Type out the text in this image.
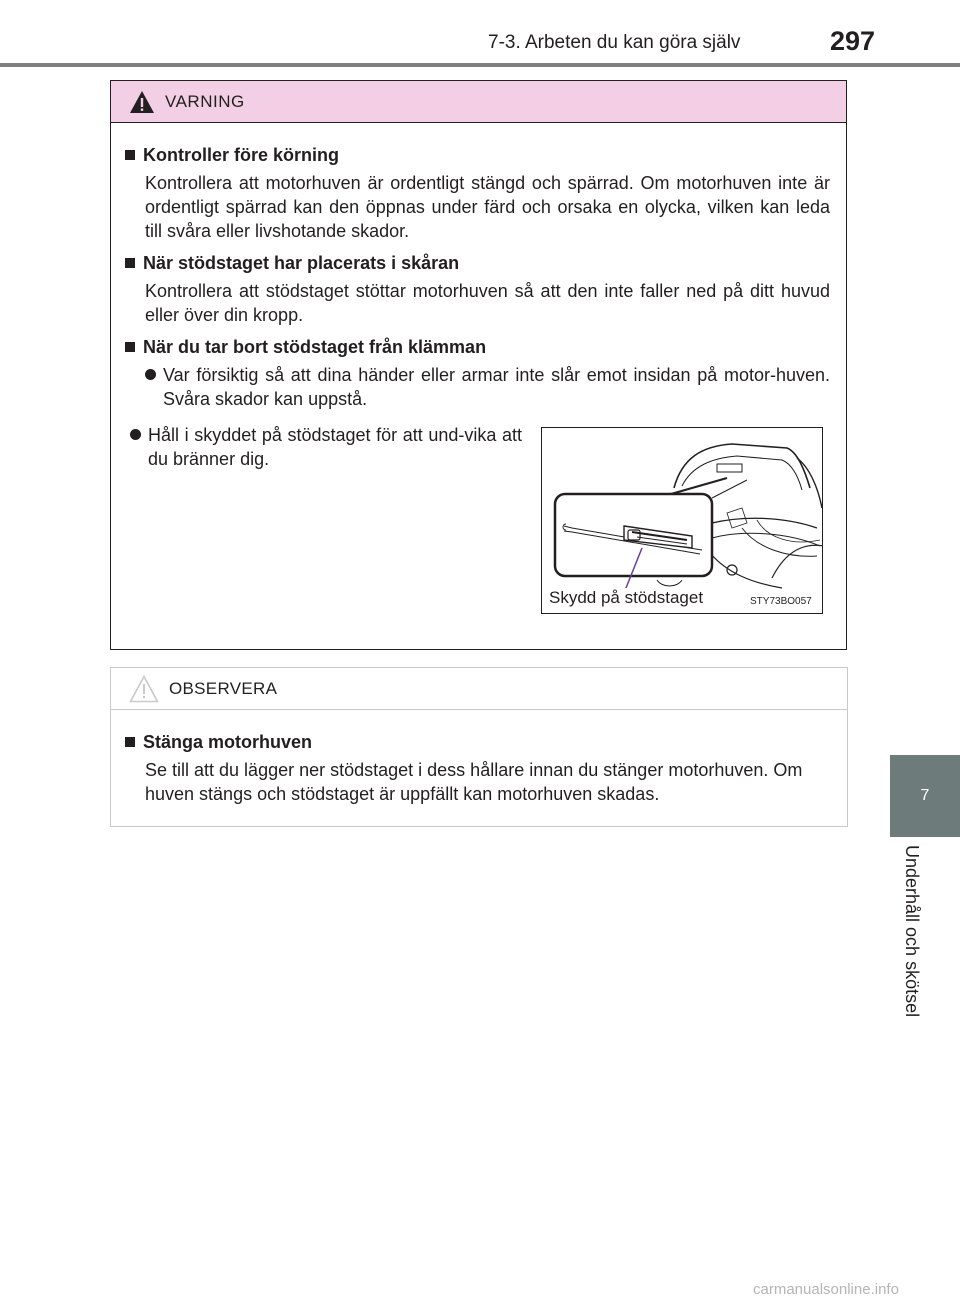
7-3. Arbeten du kan göra själv	297
7
Underhåll och skötsel
VARNING
Kontroller före körning
Kontrollera att motorhuven är ordentligt stängd och spärrad. Om motorhuven inte är ordentligt spärrad kan den öppnas under färd och orsaka en olycka, vilken kan leda till svåra eller livshotande skador.
När stödstaget har placerats i skåran
Kontrollera att stödstaget stöttar motorhuven så att den inte faller ned på ditt huvud eller över din kropp.
När du tar bort stödstaget från klämman
Var försiktig så att dina händer eller armar inte slår emot insidan på motor-huven. Svåra skador kan uppstå.
Håll i skyddet på stödstaget för att und-vika att du bränner dig.
Skydd på stödstaget	STY73BO057
OBSERVERA
Stänga motorhuven
Se till att du lägger ner stödstaget i dess hållare innan du stänger motorhuven. Om huven stängs och stödstaget är uppfällt kan motorhuven skadas.
carmanualsonline.info
